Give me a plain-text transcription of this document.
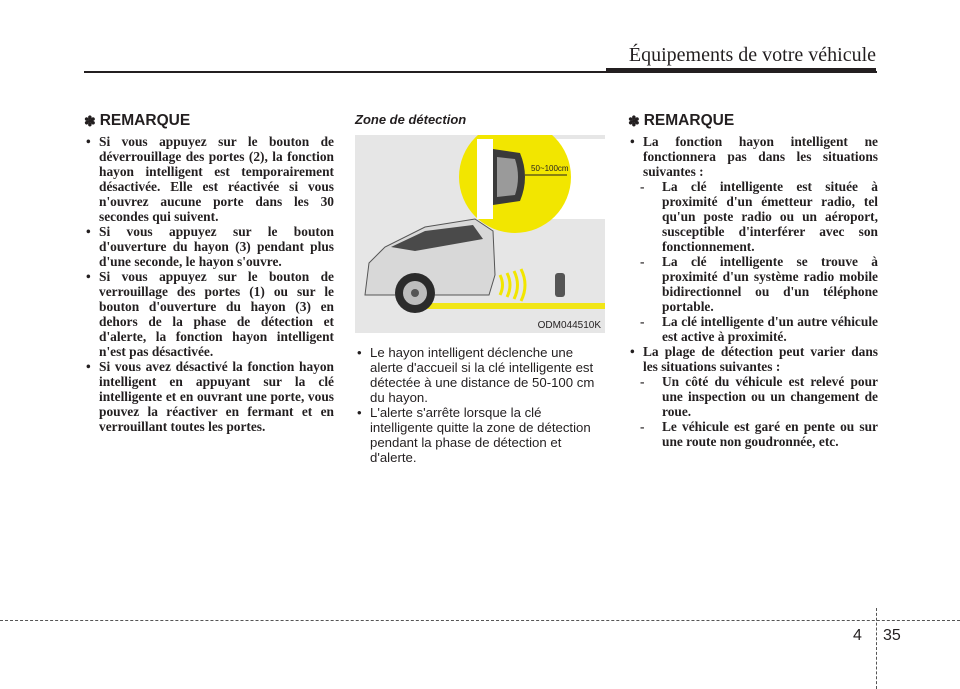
Équipements de votre véhicule
✽ REMARQUE

• Si vous appuyez sur le bouton de déverrouillage des portes (2), la fonction hayon intelligent est temporairement désactivée. Elle est réactivée si vous n'ouvrez aucune porte dans les 30 secondes qui suivent.

• Si vous appuyez sur le bouton d'ouverture du hayon (3) pendant plus d'une seconde, le hayon s'ouvre.

• Si vous appuyez sur le bouton de verrouillage des portes (1) ou sur le bouton d'ouverture du hayon (3) en dehors de la phase de détection et d'alerte, la fonction hayon intelligent n'est pas désactivée.

• Si vous avez désactivé la fonction hayon intelligent en appuyant sur la clé intelligente et en ouvrant une porte, vous pouvez la réactiver en fermant et en verrouillant toutes les portes.

Zone de détection
50~100cm
ODM044510K

• Le hayon intelligent déclenche une alerte d'accueil si la clé intelligente est détectée à une distance de 50-100 cm du hayon.

• L'alerte s'arrête lorsque la clé intelligente quitte la zone de détection pendant la phase de détection et d'alerte.

✽ REMARQUE

• La fonction hayon intelligent ne fonctionnera pas dans les situations suivantes :

- La clé intelligente est située à proximité d'un émetteur radio, tel qu'un poste radio ou un aéroport, susceptible d'interférer avec son fonctionnement.

- La clé intelligente se trouve à proximité d'un système radio mobile bidirectionnel ou d'un téléphone portable.

- La clé intelligente d'un autre véhicule est active à proximité.

• La plage de détection peut varier dans les situations suivantes :

- Un côté du véhicule est relevé pour une inspection ou un changement de roue.

- Le véhicule est garé en pente ou sur une route non goudronnée, etc.

4 35
